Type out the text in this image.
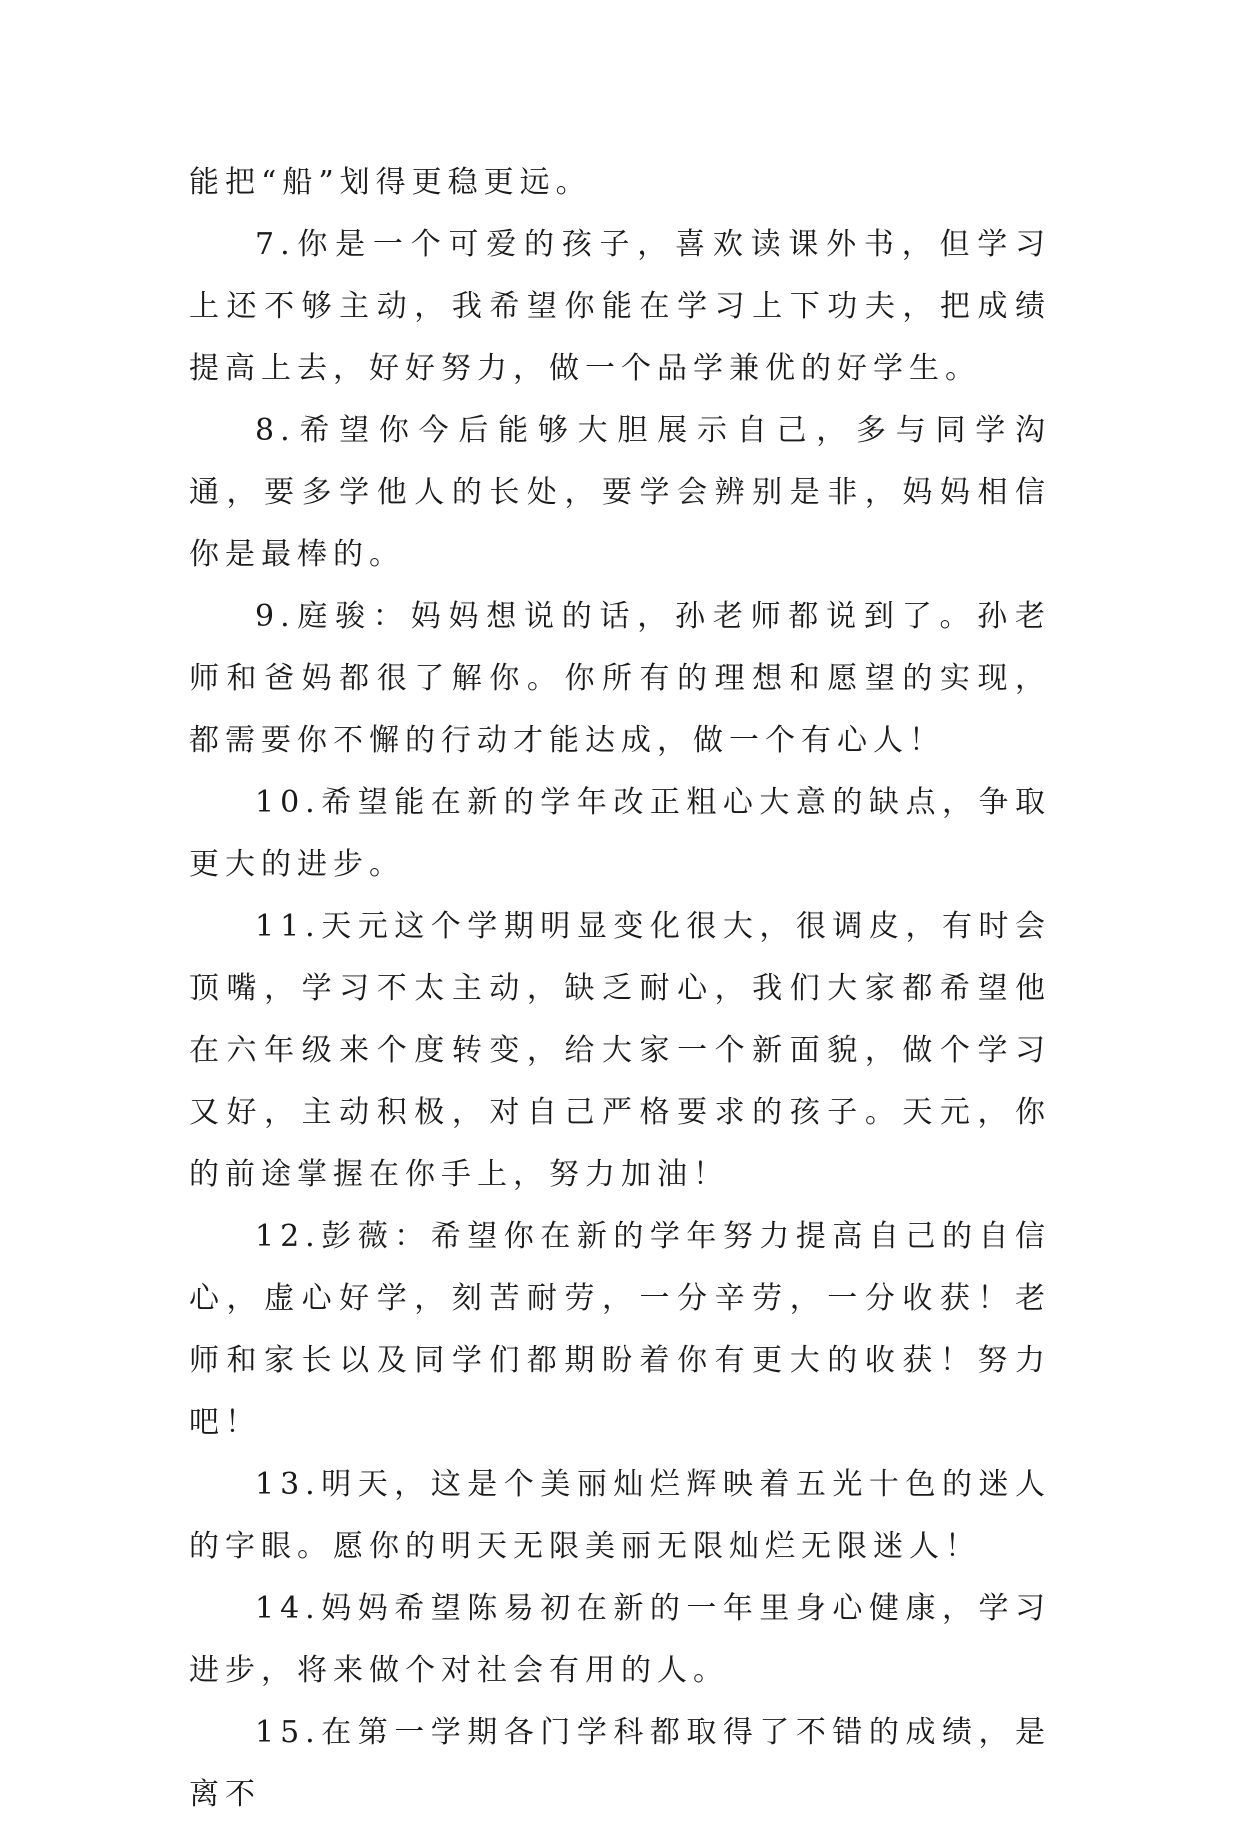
能把“船”划得更稳更远。

7.你是一个可爱的孩子，喜欢读课外书，但学习上还不够主动，我希望你能在学习上下功夫，把成绩提高上去，好好努力，做一个品学兼优的好学生。

8.希望你今后能够大胆展示自己，多与同学沟通，要多学他人的长处，要学会辨别是非，妈妈相信你是最棒的。

9.庭骏：妈妈想说的话，孙老师都说到了。孙老师和爸妈都很了解你。你所有的理想和愿望的实现，都需要你不懈的行动才能达成，做一个有心人！

10.希望能在新的学年改正粗心大意的缺点，争取更大的进步。

11.天元这个学期明显变化很大，很调皮，有时会顶嘴，学习不太主动，缺乏耐心，我们大家都希望他在六年级来个度转变，给大家一个新面貌，做个学习又好，主动积极，对自己严格要求的孩子。天元，你的前途掌握在你手上，努力加油！

12.彭薇：希望你在新的学年努力提高自己的自信心，虚心好学，刻苦耐劳，一分辛劳，一分收获！老师和家长以及同学们都期盼着你有更大的收获！努力吧！

13.明天，这是个美丽灿烂辉映着五光十色的迷人的字眼。愿你的明天无限美丽无限灿烂无限迷人！

14.妈妈希望陈易初在新的一年里身心健康，学习进步，将来做个对社会有用的人。

15.在第一学期各门学科都取得了不错的成绩，是离不
